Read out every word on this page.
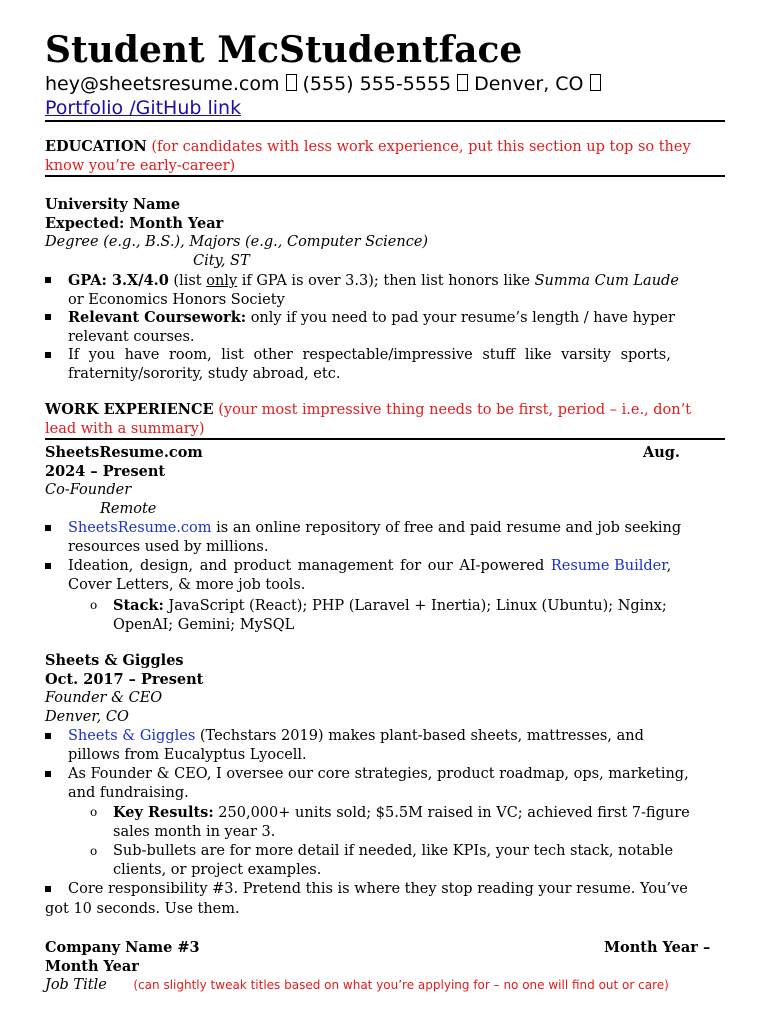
Student McStudentface
hey@sheetsresume.com (555) 555-5555 Denver, CO
Portfolio /GitHub link
EDUCATION (for candidates with less work experience, put this section up top so they know you’re early-career)
University Name
Expected: Month Year
Degree (e.g., B.S.), Majors (e.g., Computer Science)
City, ST
GPA: 3.X/4.0 (list only if GPA is over 3.3); then list honors like Summa Cum Laude
or Economics Honors Society
Relevant Coursework: only if you need to pad your resume’s length / have hyper
relevant courses.
If you have room, list other respectable/impressive stuff like varsity sports,
fraternity/sorority, study abroad, etc.
WORK EXPERIENCE (your most impressive thing needs to be first, period – i.e., don’t
lead with a summary)
SheetsResume.com	Aug.
2024 – Present
Co-Founder
Remote
SheetsResume.com is an online repository of free and paid resume and job seeking
resources used by millions.
Ideation, design, and product management for our AI-powered Resume Builder,
Cover Letters, & more job tools.
o Stack: JavaScript (React); PHP (Laravel + Inertia); Linux (Ubuntu); Nginx;
OpenAI; Gemini; MySQL
Sheets & Giggles
Oct. 2017 – Present
Founder & CEO
Denver, CO
Sheets & Giggles (Techstars 2019) makes plant-based sheets, mattresses, and
pillows from Eucalyptus Lyocell.
As Founder & CEO, I oversee our core strategies, product roadmap, ops, marketing,
and fundraising.
o Key Results: 250,000+ units sold; $5.5M raised in VC; achieved first 7-figure
sales month in year 3.
o Sub-bullets are for more detail if needed, like KPIs, your tech stack, notable
clients, or project examples.
Core responsibility #3. Pretend this is where they stop reading your resume. You’ve
got 10 seconds. Use them.
Company Name #3	Month Year –
Month Year
Job Title (can slightly tweak titles based on what you’re applying for – no one will find out or care)
